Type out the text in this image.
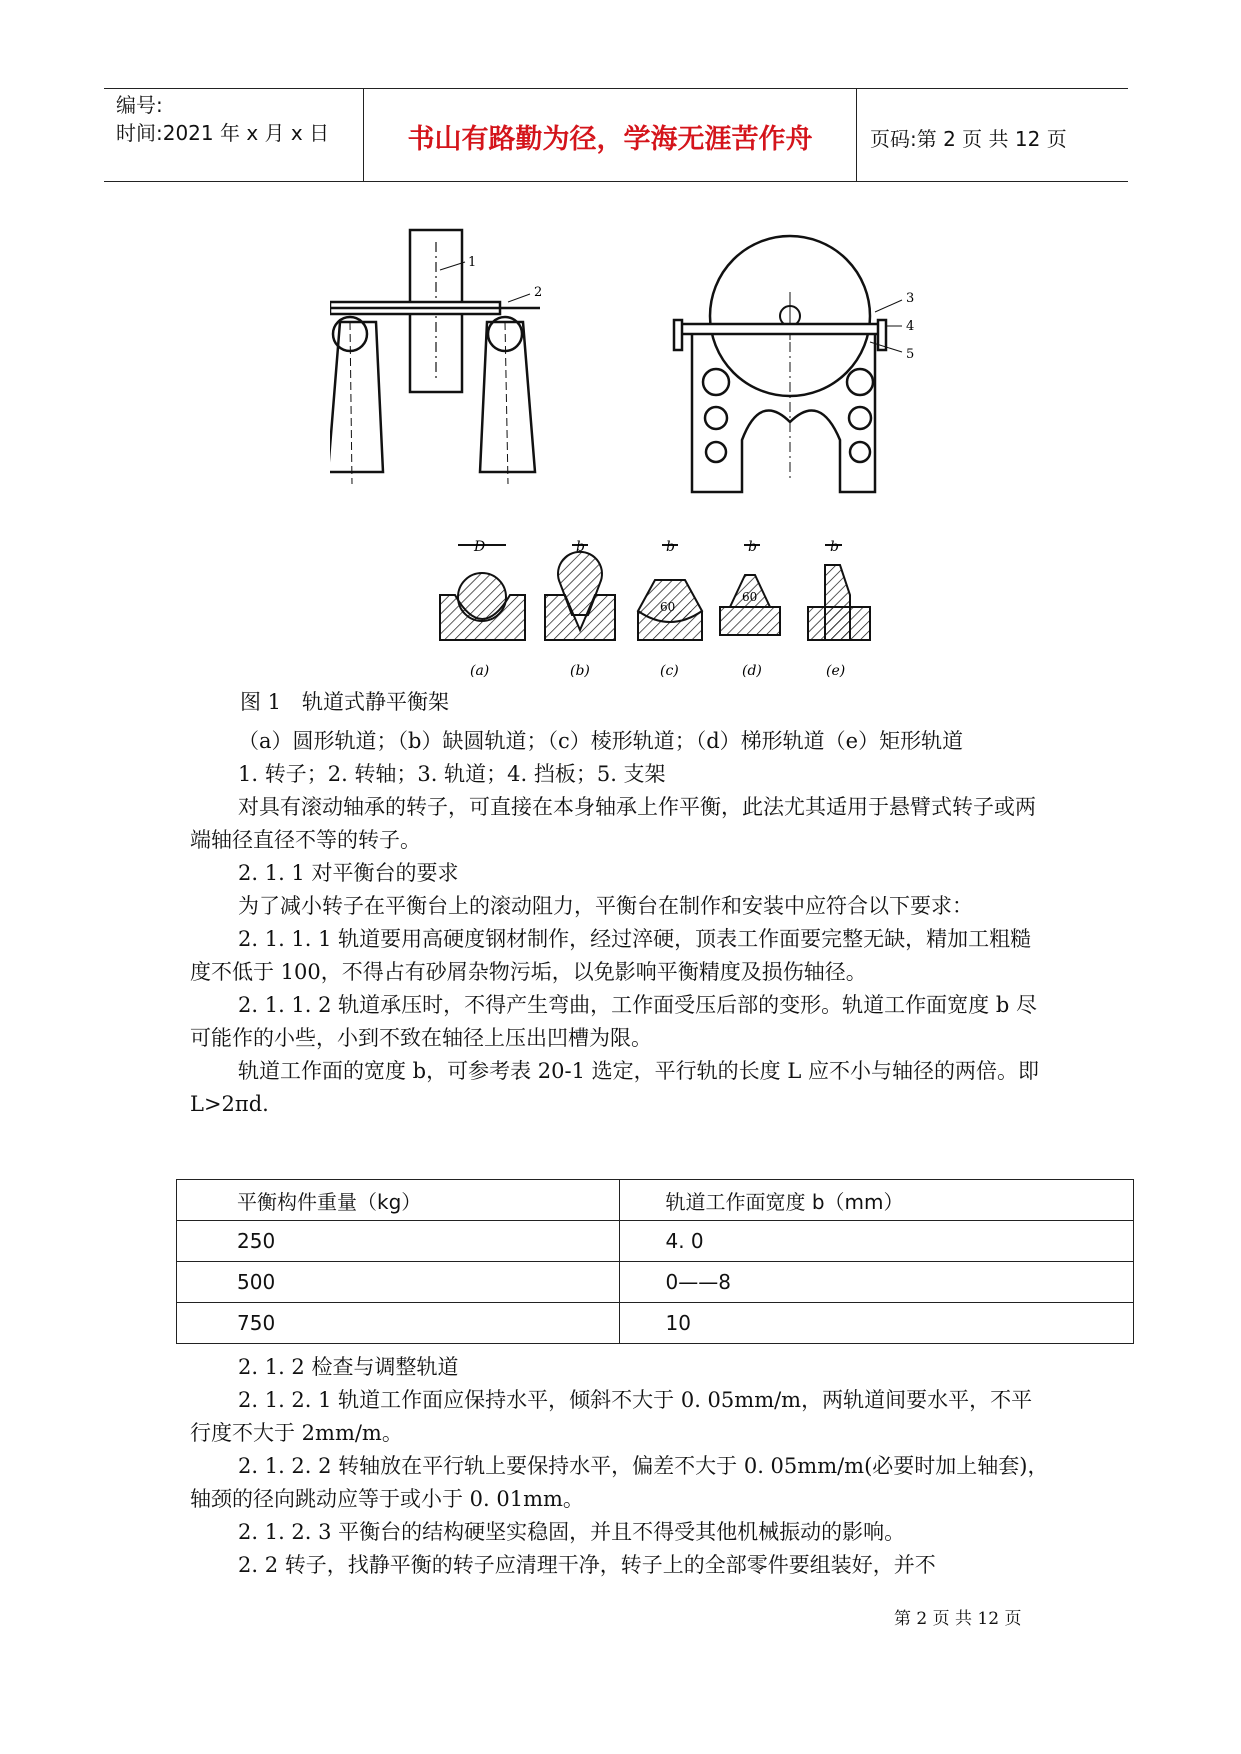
编号:
时间:2021 年 x 月 x 日	书山有路勤为径，学海无涯苦作舟	页码:第 2 页 共 12 页
1
2	3
4
5
D	b	b	b	b
60
60
(a)	(b)	(c)	(d)	(e)
图 1　轨道式静平衡架

（a）圆形轨道；（b）缺圆轨道；（c）棱形轨道；（d）梯形轨道（e）矩形轨道

1. 转子；2. 转轴；3. 轨道；4. 挡板；5. 支架

对具有滚动轴承的转子，可直接在本身轴承上作平衡，此法尤其适用于悬臂式转子或两端轴径直径不等的转子。

2. 1. 1 对平衡台的要求

为了减小转子在平衡台上的滚动阻力，平衡台在制作和安装中应符合以下要求：

2. 1. 1. 1 轨道要用高硬度钢材制作，经过淬硬，顶表工作面要完整无缺，精加工粗糙度不低于 100，不得占有砂屑杂物污垢，以免影响平衡精度及损伤轴径。

2. 1. 1. 2 轨道承压时，不得产生弯曲，工作面受压后部的变形。轨道工作面宽度 b 尽可能作的小些，小到不致在轴径上压出凹槽为限。

轨道工作面的宽度 b，可参考表 20-1 选定，平行轨的长度 L 应不小与轴径的两倍。即 L>2πd.

平衡构件重量（kg）	轨道工作面宽度 b（mm）
250	4. 0
500	0——8
750	10

2. 1. 2 检查与调整轨道

2. 1. 2. 1 轨道工作面应保持水平，倾斜不大于 0. 05mm/m，两轨道间要水平，不平行度不大于 2mm/m。

2. 1. 2. 2 转轴放在平行轨上要保持水平，偏差不大于 0. 05mm/m(必要时加上轴套)，轴颈的径向跳动应等于或小于 0. 01mm。

2. 1. 2. 3 平衡台的结构硬坚实稳固，并且不得受其他机械振动的影响。

2. 2 转子，找静平衡的转子应清理干净，转子上的全部零件要组装好，并不

第 2 页 共 12 页
